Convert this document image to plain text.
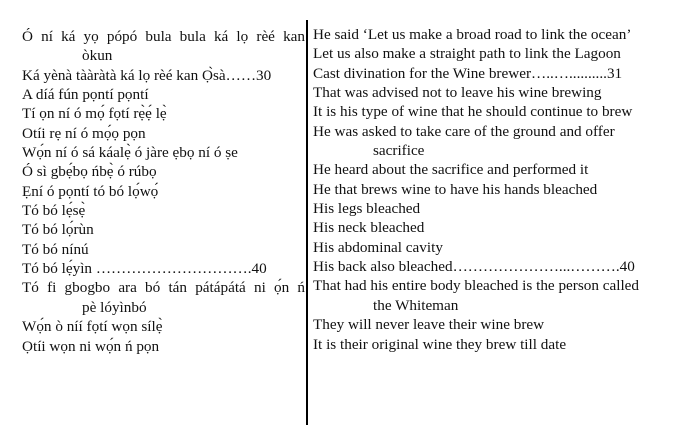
Ó ní ká yọ pópó bula bula ká lọ rèé kan
òkun
Ká yènà tààràtà ká lọ rèé kan Ọ̀sà……30
A díá fún pọntí pọntí
Tí ọn ní ó mọ́ fọtí rẹ̀ẹ́ lẹ̀
Otíi rẹ ní ó mọ́ọ pọn
Wọ́n ní ó sá káalẹ̀ ó jàre ẹbọ ní ó ṣe
Ó sì gbẹ́bọ ńbẹ̀ ó rúbọ
Ẹní ó pọntí tó bó lọ́wọ́
Tó bó lẹ́sẹ̀
Tó bó lọ́rùn
Tó bó nínú
Tó bó lẹ́yìn ………………………….40
Tó fi gbogbo ara bó tán pátápátá ni ọ́n ń
pè lóyìnbó
Wọ́n ò níí fọtí wọn sílẹ̀
Ọtíi wọn ni wọ́n ń pọn
He said ‘Let us make a broad road to link the ocean’
Let us also make a straight path to link the Lagoon
Cast divination for the Wine brewer…..…..........31
That was advised not to leave his wine brewing
It is his type of wine that he should continue to brew
He was asked to take care of the ground and offer
sacrifice
He heard about the sacrifice and performed it
He that brews wine to have his hands bleached
His legs bleached
His neck bleached
His abdominal cavity
His back also bleached…………………...……….40
That had his entire body bleached is the person called
the Whiteman
They will never leave their wine brew
It is their original wine they brew till date
